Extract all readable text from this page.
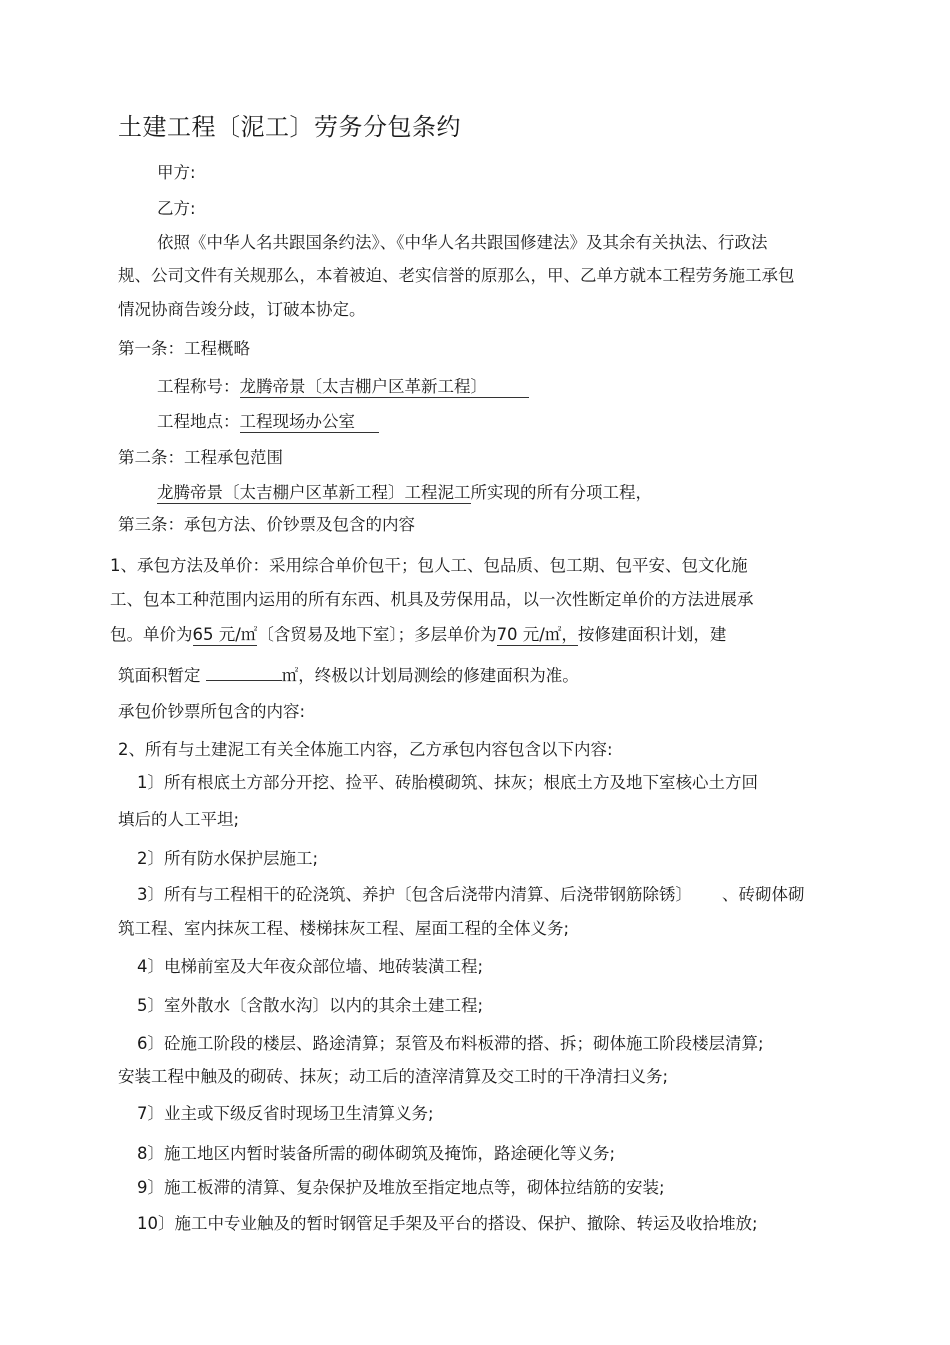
土建工程〔泥工〕劳务分包条约
甲方:
乙方:
依照《中华人名共跟国条约法》、《中华人名共跟国修建法》及其余有关执法、行政法
规、公司文件有关规那么，本着被迫、老实信誉的原那么，甲、乙单方就本工程劳务施工承包
情况协商告竣分歧，订破本协定。
第一条：工程概略
工程称号：龙腾帝景〔太吉棚户区革新工程〕
工程地点：工程现场办公室
第二条：工程承包范围
龙腾帝景〔太吉棚户区革新工程〕工程泥工所实现的所有分项工程，
第三条：承包方法、价钞票及包含的内容
1、承包方法及单价：采用综合单价包干；包人工、包品质、包工期、包平安、包文化施
工、包本工种范围内运用的所有东西、机具及劳保用品，以一次性断定单价的方法进展承
包。单价为65 元/㎡〔含贸易及地下室〕；多层单价为70 元/㎡，按修建面积计划，建
筑面积暂定	㎡，终极以计划局测绘的修建面积为准。
承包价钞票所包含的内容:
2、所有与土建泥工有关全体施工内容，乙方承包内容包含以下内容:
1〕所有根底土方部分开挖、捡平、砖胎模砌筑、抹灰；根底土方及地下室核心土方回
填后的人工平坦;
2〕所有防水保护层施工;
3〕所有与工程相干的砼浇筑、养护〔包含后浇带内清算、后浇带钢筋除锈〕 、砖砌体砌
筑工程、室内抹灰工程、楼梯抹灰工程、屋面工程的全体义务;
4〕电梯前室及大年夜众部位墙、地砖装潢工程;
5〕室外散水〔含散水沟〕以内的其余土建工程;
6〕砼施工阶段的楼层、路途清算；泵管及布料板滞的搭、拆；砌体施工阶段楼层清算;
安装工程中触及的砌砖、抹灰；动工后的渣滓清算及交工时的干净清扫义务;
7〕业主或下级反省时现场卫生清算义务;
8〕施工地区内暂时装备所需的砌体砌筑及掩饰，路途硬化等义务;
9〕施工板滞的清算、复杂保护及堆放至指定地点等，砌体拉结筋的安装;
10〕施工中专业触及的暂时钢管足手架及平台的搭设、保护、撤除、转运及收拾堆放;
